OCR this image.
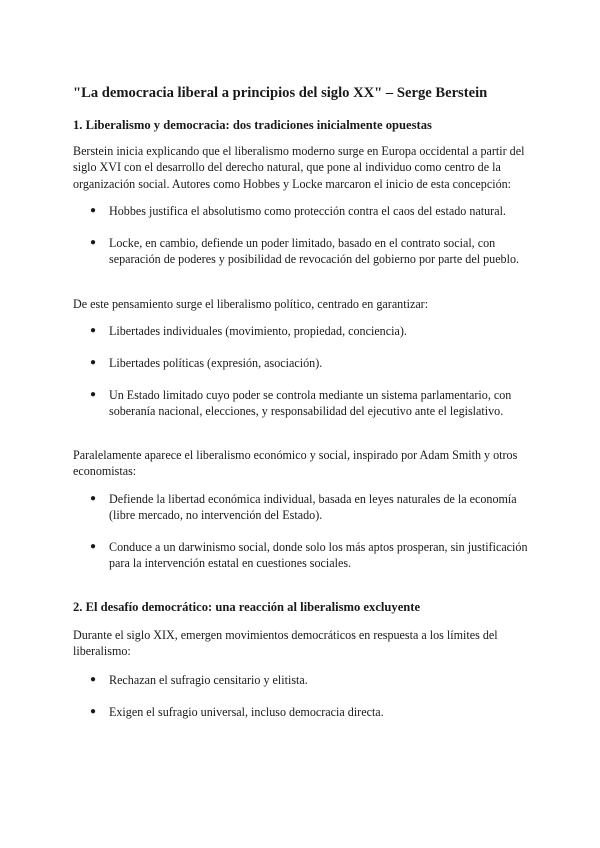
"La democracia liberal a principios del siglo XX" – Serge Berstein
1. Liberalismo y democracia: dos tradiciones inicialmente opuestas

Berstein inicia explicando que el liberalismo moderno surge en Europa occidental a partir del siglo XVI con el desarrollo del derecho natural, que pone al individuo como centro de la organización social. Autores como Hobbes y Locke marcaron el inicio de esta concepción:

● Hobbes justifica el absolutismo como protección contra el caos del estado natural.
● Locke, en cambio, defiende un poder limitado, basado en el contrato social, con separación de poderes y posibilidad de revocación del gobierno por parte del pueblo.

De este pensamiento surge el liberalismo político, centrado en garantizar:

● Libertades individuales (movimiento, propiedad, conciencia).
● Libertades políticas (expresión, asociación).
● Un Estado limitado cuyo poder se controla mediante un sistema parlamentario, con soberanía nacional, elecciones, y responsabilidad del ejecutivo ante el legislativo.

Paralelamente aparece el liberalismo económico y social, inspirado por Adam Smith y otros economistas:

● Defiende la libertad económica individual, basada en leyes naturales de la economía (libre mercado, no intervención del Estado).
● Conduce a un darwinismo social, donde solo los más aptos prosperan, sin justificación para la intervención estatal en cuestiones sociales.
2. El desafío democrático: una reacción al liberalismo excluyente

Durante el siglo XIX, emergen movimientos democráticos en respuesta a los límites del liberalismo:

● Rechazan el sufragio censitario y elitista.
● Exigen el sufragio universal, incluso democracia directa.
